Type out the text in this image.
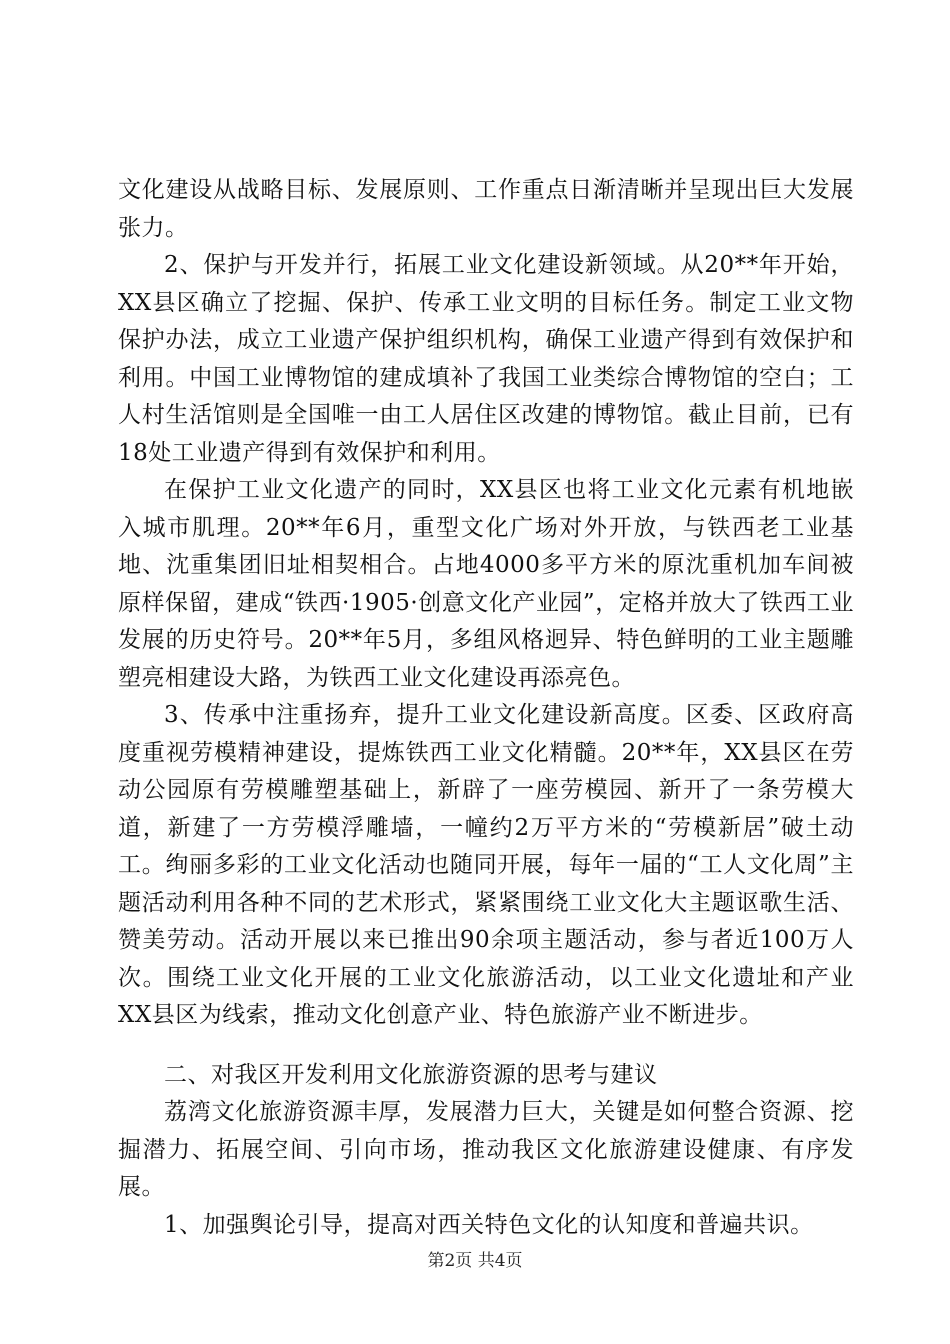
文化建设从战略目标、发展原则、工作重点日渐清晰并呈现出巨大发展张力。

2、保护与开发并行，拓展工业文化建设新领域。从20**年开始，XX县区确立了挖掘、保护、传承工业文明的目标任务。制定工业文物保护办法，成立工业遗产保护组织机构，确保工业遗产得到有效保护和利用。中国工业博物馆的建成填补了我国工业类综合博物馆的空白；工人村生活馆则是全国唯一由工人居住区改建的博物馆。截止目前，已有18处工业遗产得到有效保护和利用。

在保护工业文化遗产的同时，XX县区也将工业文化元素有机地嵌入城市肌理。20**年6月，重型文化广场对外开放，与铁西老工业基地、沈重集团旧址相契相合。占地4000多平方米的原沈重机加车间被原样保留，建成“铁西·1905·创意文化产业园”，定格并放大了铁西工业发展的历史符号。20**年5月，多组风格迥异、特色鲜明的工业主题雕塑亮相建设大路，为铁西工业文化建设再添亮色。

3、传承中注重扬弃，提升工业文化建设新高度。区委、区政府高度重视劳模精神建设，提炼铁西工业文化精髓。20**年，XX县区在劳动公园原有劳模雕塑基础上，新辟了一座劳模园、新开了一条劳模大道，新建了一方劳模浮雕墙，一幢约2万平方米的“劳模新居”破土动工。绚丽多彩的工业文化活动也随同开展，每年一届的“工人文化周”主题活动利用各种不同的艺术形式，紧紧围绕工业文化大主题讴歌生活、赞美劳动。活动开展以来已推出90余项主题活动，参与者近100万人次。围绕工业文化开展的工业文化旅游活动，以工业文化遗址和产业XX县区为线索，推动文化创意产业、特色旅游产业不断进步。

二、对我区开发利用文化旅游资源的思考与建议

荔湾文化旅游资源丰厚，发展潜力巨大，关键是如何整合资源、挖掘潜力、拓展空间、引向市场，推动我区文化旅游建设健康、有序发展。

1、加强舆论引导，提高对西关特色文化的认知度和普遍共识。

第2页 共4页
